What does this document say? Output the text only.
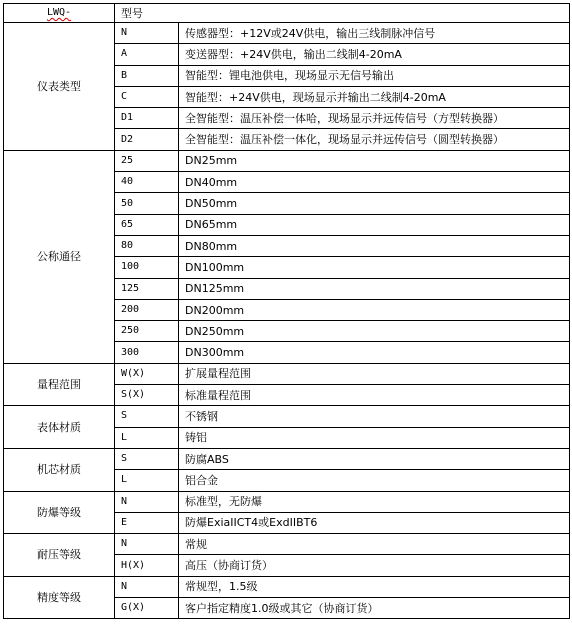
LWQ-	型号	
仪表类型	N	传感器型：+12V或24V供电，输出三线制脉冲信号
	A	变送器型：+24V供电，输出二线制4-20mA
	B	智能型：锂电池供电，现场显示无信号输出
	C	智能型：+24V供电，现场显示并输出二线制4-20mA
	D1	全智能型：温压补偿一体哈，现场显示并远传信号（方型转换器）
	D2	全智能型：温压补偿一体化，现场显示并远传信号（圆型转换器）
公称通径	25	DN25mm
	40	DN40mm
	50	DN50mm
	65	DN65mm
	80	DN80mm
	100	DN100mm
	125	DN125mm
	200	DN200mm
	250	DN250mm
	300	DN300mm
量程范围	W(X)	扩展量程范围
	S(X)	标准量程范围
表体材质	S	不锈钢
	L	铸铝
机芯材质	S	防腐ABS
	L	铝合金
防爆等级	N	标准型，无防爆
	E	防爆ExiaIICT4或ExdIIBT6
耐压等级	N	常规
	H(X)	高压（协商订货）
精度等级	N	常规型，1.5级
	G(X)	客户指定精度1.0级或其它（协商订货）
